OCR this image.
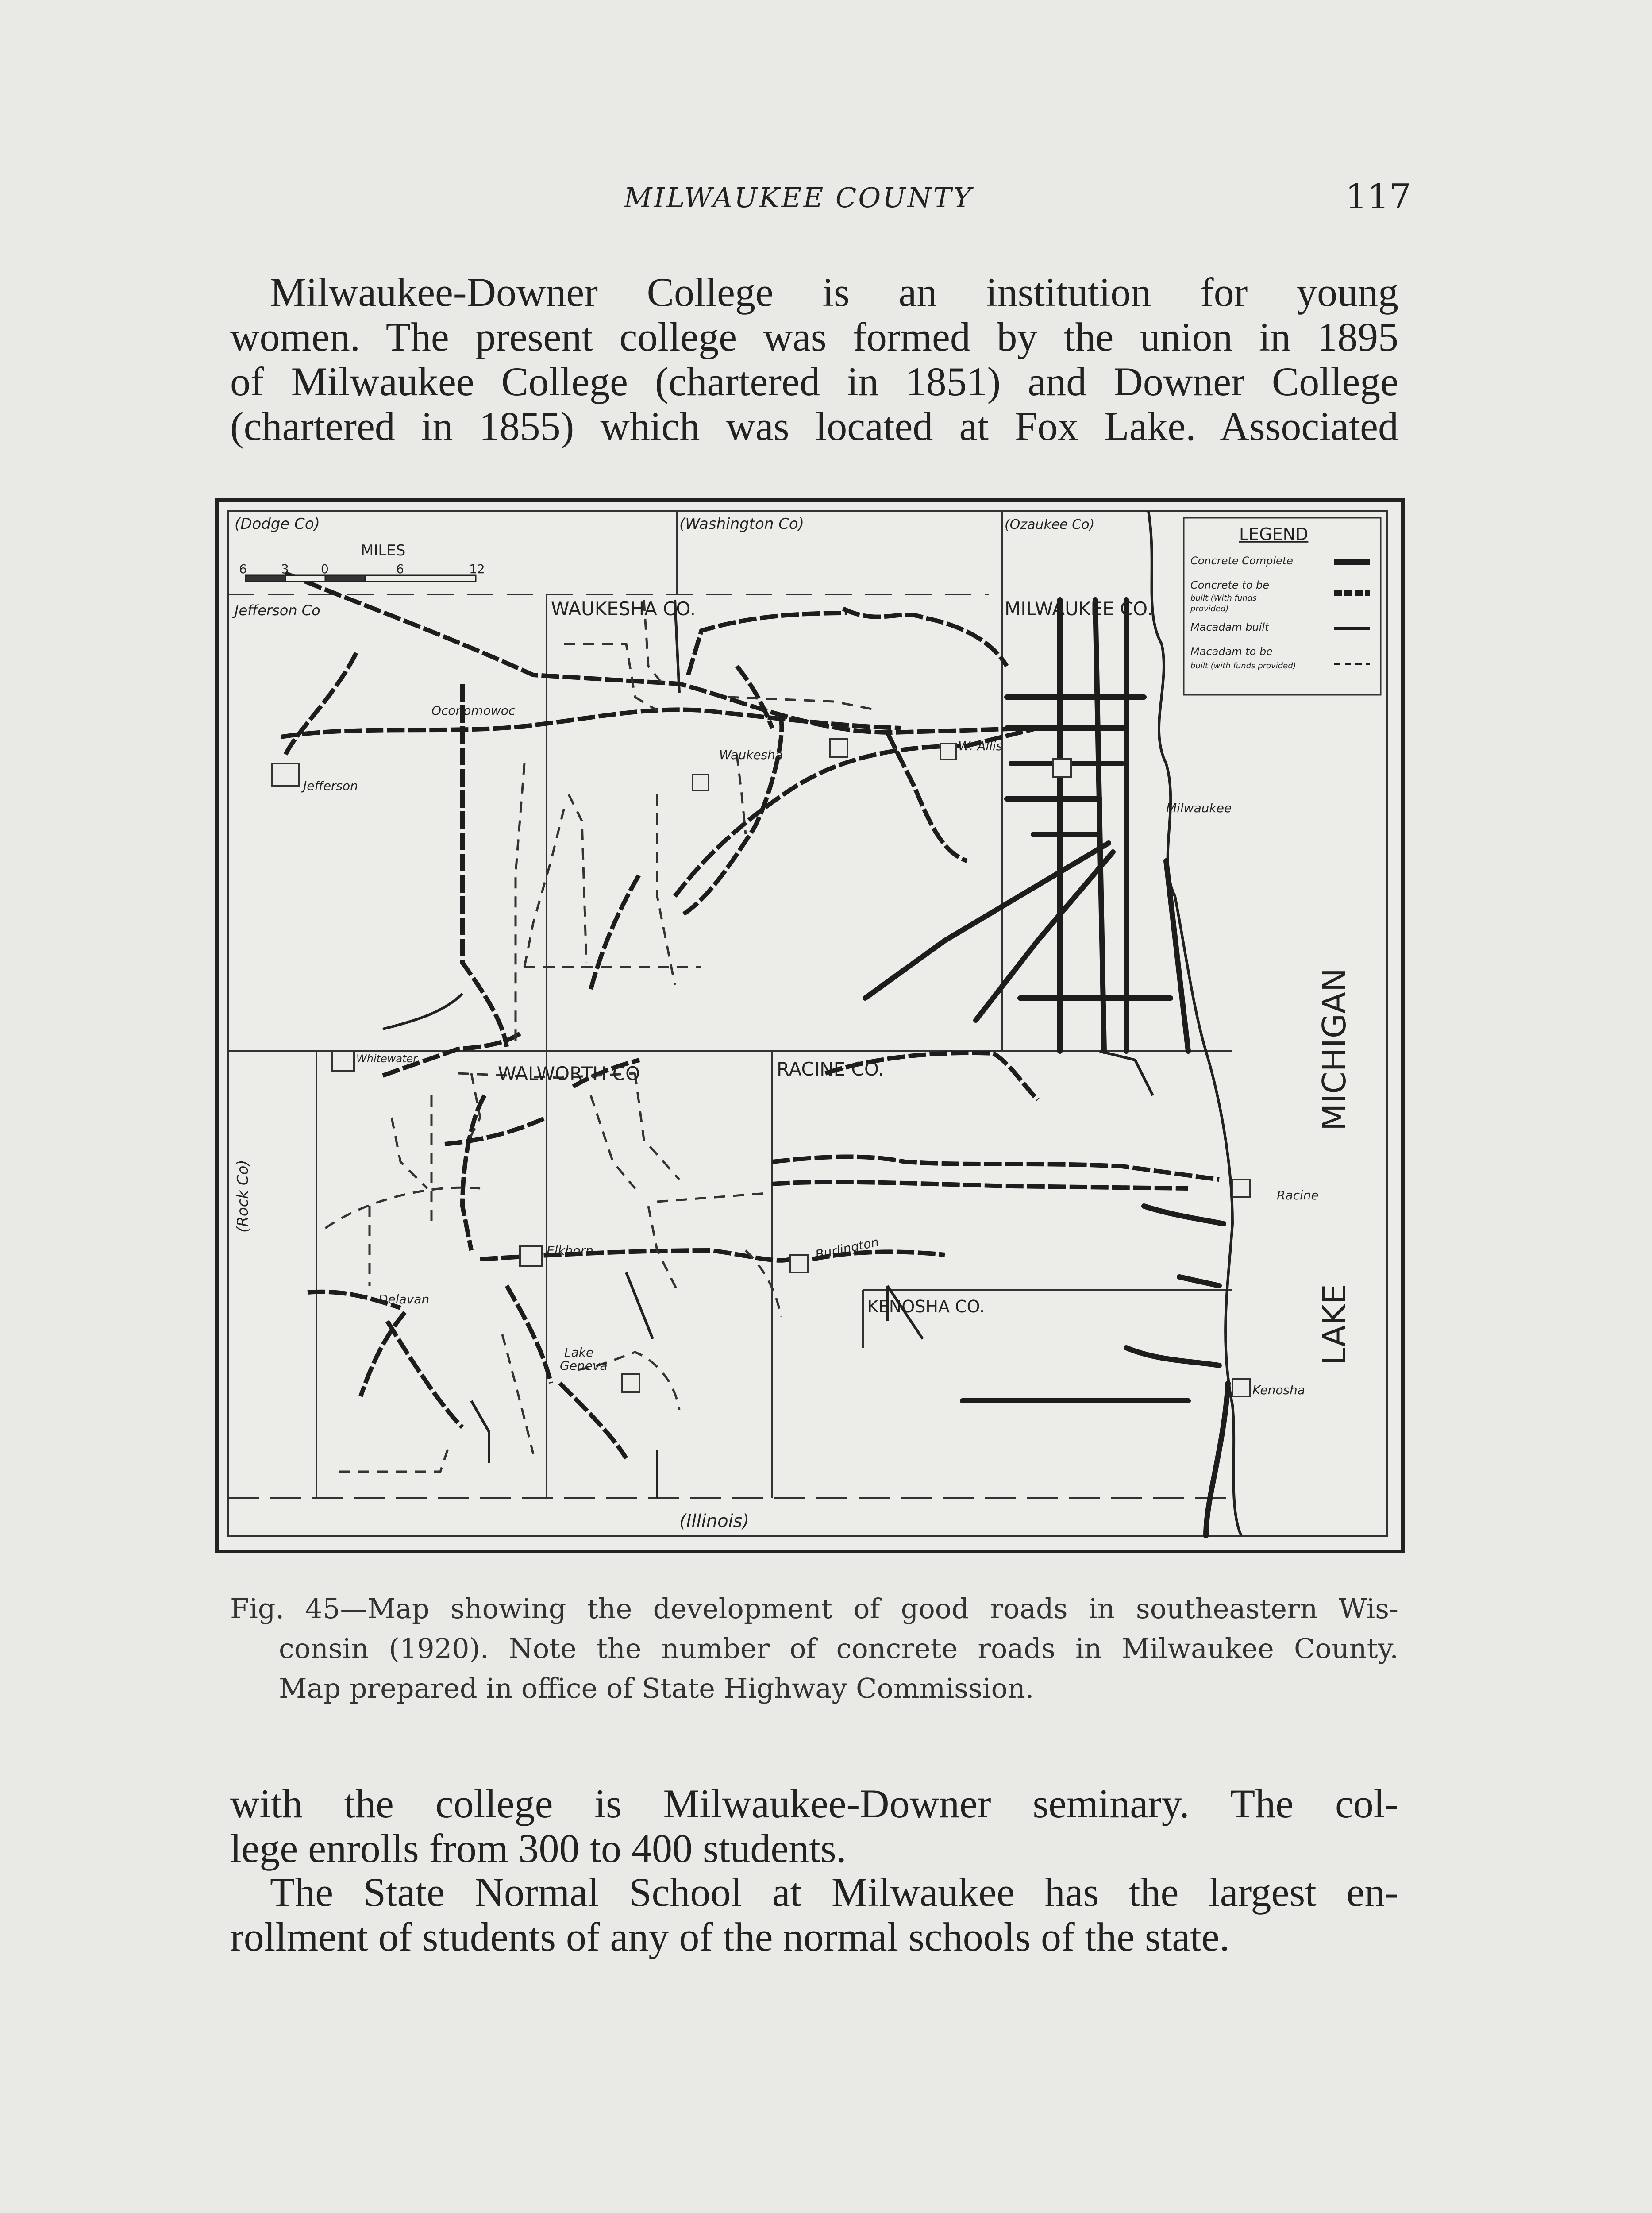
MILWAUKEE COUNTY	117
Milwaukee-Downer College is an institution for young
women. The present college was formed by the union in 1895
of Milwaukee College (chartered in 1851) and Downer College
(chartered in 1855) which was located at Fox Lake. Associated
MILES
6	3	0	6	12
(Dodge Co)	(Washington Co)	(Ozaukee Co)
Jefferson Co	WAUKESHA CO.	MILWAUKEE CO.
WALWORTH CO	RACINE CO.
KENOSHA CO.
(Rock Co)
(Illinois)
MICHIGAN
LAKE
Oconomowoc
Jefferson
Waukesha
W. Allis
Milwaukee
Whitewater
Elkhorn
Delavan
Lake
Geneva
Burlington
Racine
Kenosha
LEGEND
Concrete Complete
Concrete to be
built (With funds
provided)
Macadam built
Macadam to be
built (with funds provided)
Fig. 45—Map showing the development of good roads in southeastern Wis-
consin (1920). Note the number of concrete roads in Milwaukee County.
Map prepared in office of State Highway Commission.
with the college is Milwaukee-Downer seminary. The col-
lege enrolls from 300 to 400 students.
The State Normal School at Milwaukee has the largest en-
rollment of students of any of the normal schools of the state.
